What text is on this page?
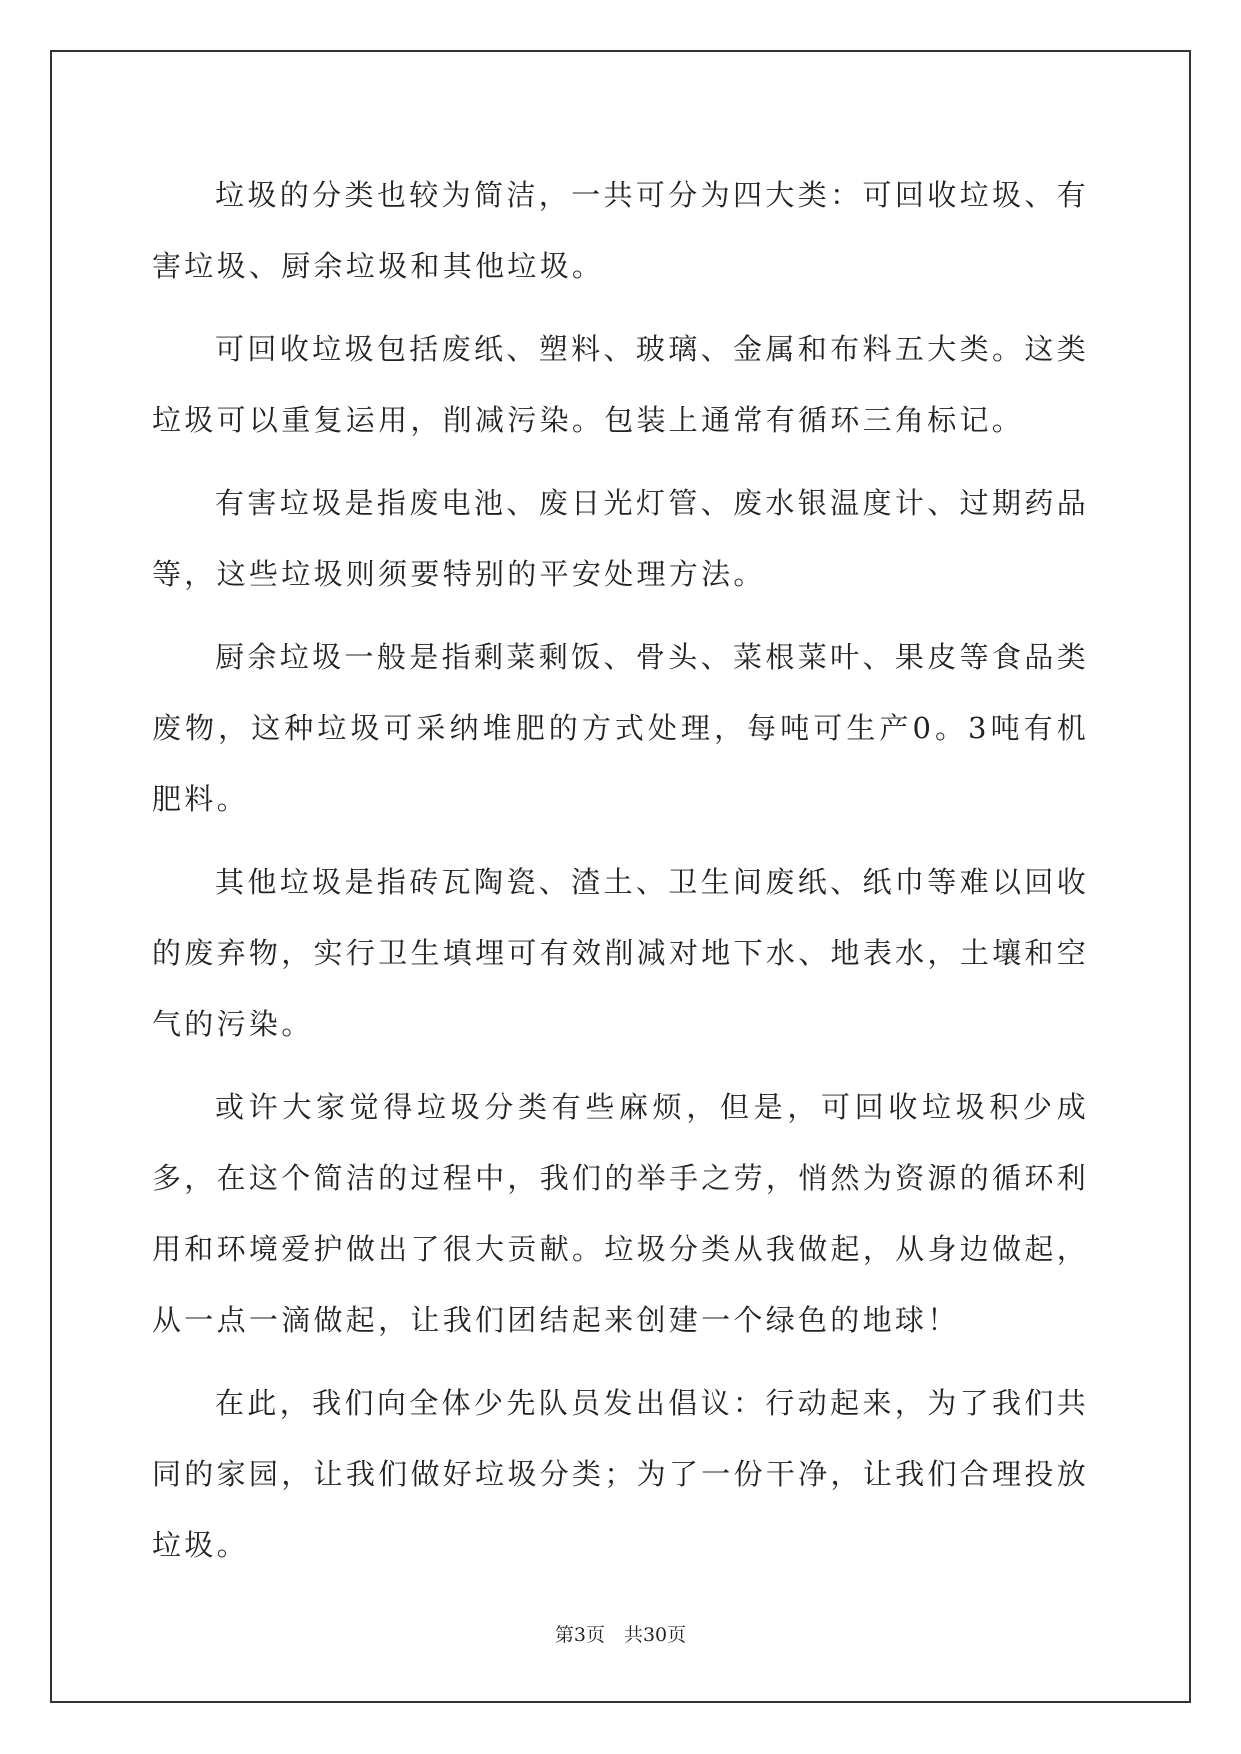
垃圾的分类也较为简洁，一共可分为四大类：可回收垃圾、有害垃圾、厨余垃圾和其他垃圾。

可回收垃圾包括废纸、塑料、玻璃、金属和布料五大类。这类垃圾可以重复运用，削减污染。包装上通常有循环三角标记。

有害垃圾是指废电池、废日光灯管、废水银温度计、过期药品等，这些垃圾则须要特别的平安处理方法。

厨余垃圾一般是指剩菜剩饭、骨头、菜根菜叶、果皮等食品类废物，这种垃圾可采纳堆肥的方式处理，每吨可生产0。3吨有机肥料。

其他垃圾是指砖瓦陶瓷、渣土、卫生间废纸、纸巾等难以回收的废弃物，实行卫生填埋可有效削减对地下水、地表水，土壤和空气的污染。

或许大家觉得垃圾分类有些麻烦，但是，可回收垃圾积少成多，在这个简洁的过程中，我们的举手之劳，悄然为资源的循环利用和环境爱护做出了很大贡献。垃圾分类从我做起，从身边做起，从一点一滴做起，让我们团结起来创建一个绿色的地球！

在此，我们向全体少先队员发出倡议：行动起来，为了我们共同的家园，让我们做好垃圾分类；为了一份干净，让我们合理投放垃圾。

第3页　共30页
